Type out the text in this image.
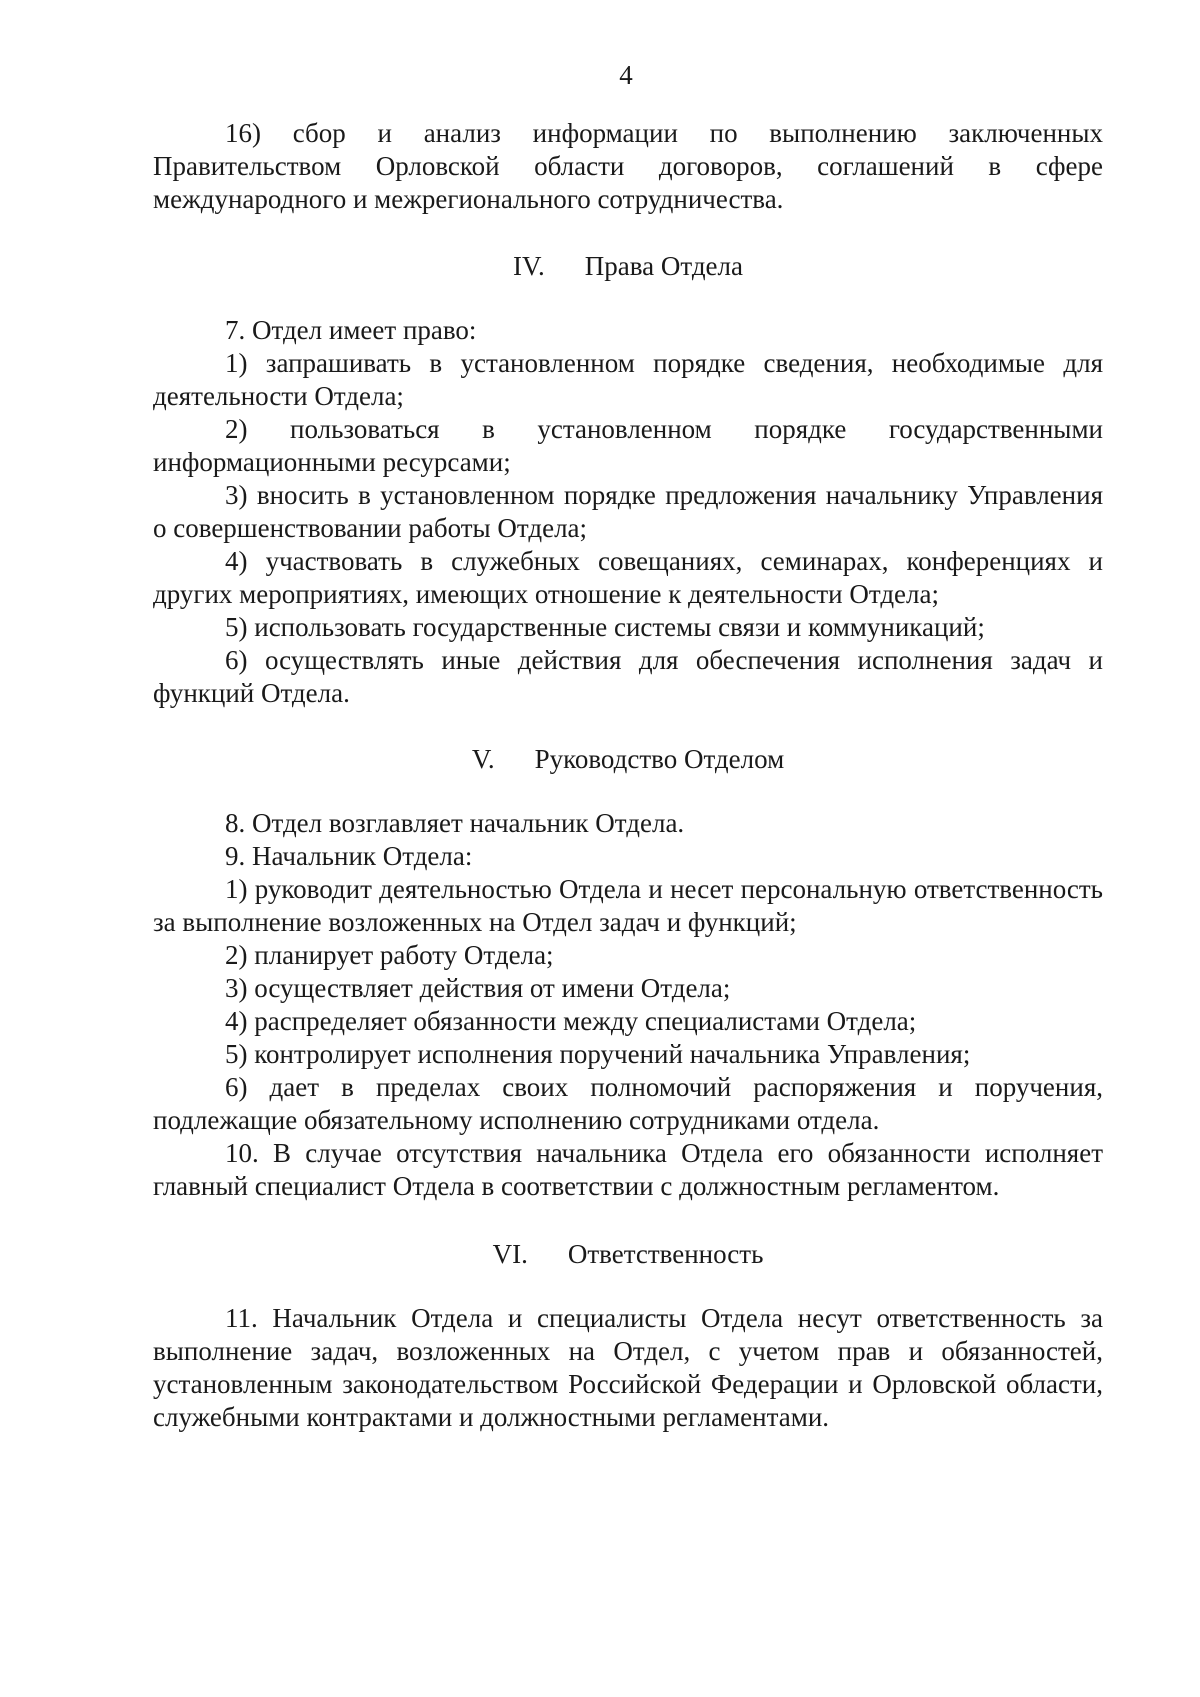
4

16) сбор и анализ информации по выполнению заключенных Правительством Орловской области договоров, соглашений в сфере международного и межрегионального сотрудничества.

IV. Права Отдела

7. Отдел имеет право:

1) запрашивать в установленном порядке сведения, необходимые для деятельности Отдела;

2) пользоваться в установленном порядке государственными информационными ресурсами;

3) вносить в установленном порядке предложения начальнику Управления о совершенствовании работы Отдела;

4) участвовать в служебных совещаниях, семинарах, конференциях и других мероприятиях, имеющих отношение к деятельности Отдела;

5) использовать государственные системы связи и коммуникаций;

6) осуществлять иные действия для обеспечения исполнения задач и функций Отдела.

V. Руководство Отделом

8. Отдел возглавляет начальник Отдела.

9. Начальник Отдела:

1) руководит деятельностью Отдела и несет персональную ответственность за выполнение возложенных на Отдел задач и функций;

2) планирует работу Отдела;

3) осуществляет действия от имени Отдела;

4) распределяет обязанности между специалистами Отдела;

5) контролирует исполнения поручений начальника Управления;

6) дает в пределах своих полномочий распоряжения и поручения, подлежащие обязательному исполнению сотрудниками отдела.

10. В случае отсутствия начальника Отдела его обязанности исполняет главный специалист Отдела в соответствии с должностным регламентом.

VI. Ответственность

11. Начальник Отдела и специалисты Отдела несут ответственность за выполнение задач, возложенных на Отдел, с учетом прав и обязанностей, установленным законодательством Российской Федерации и Орловской области, служебными контрактами и должностными регламентами.
